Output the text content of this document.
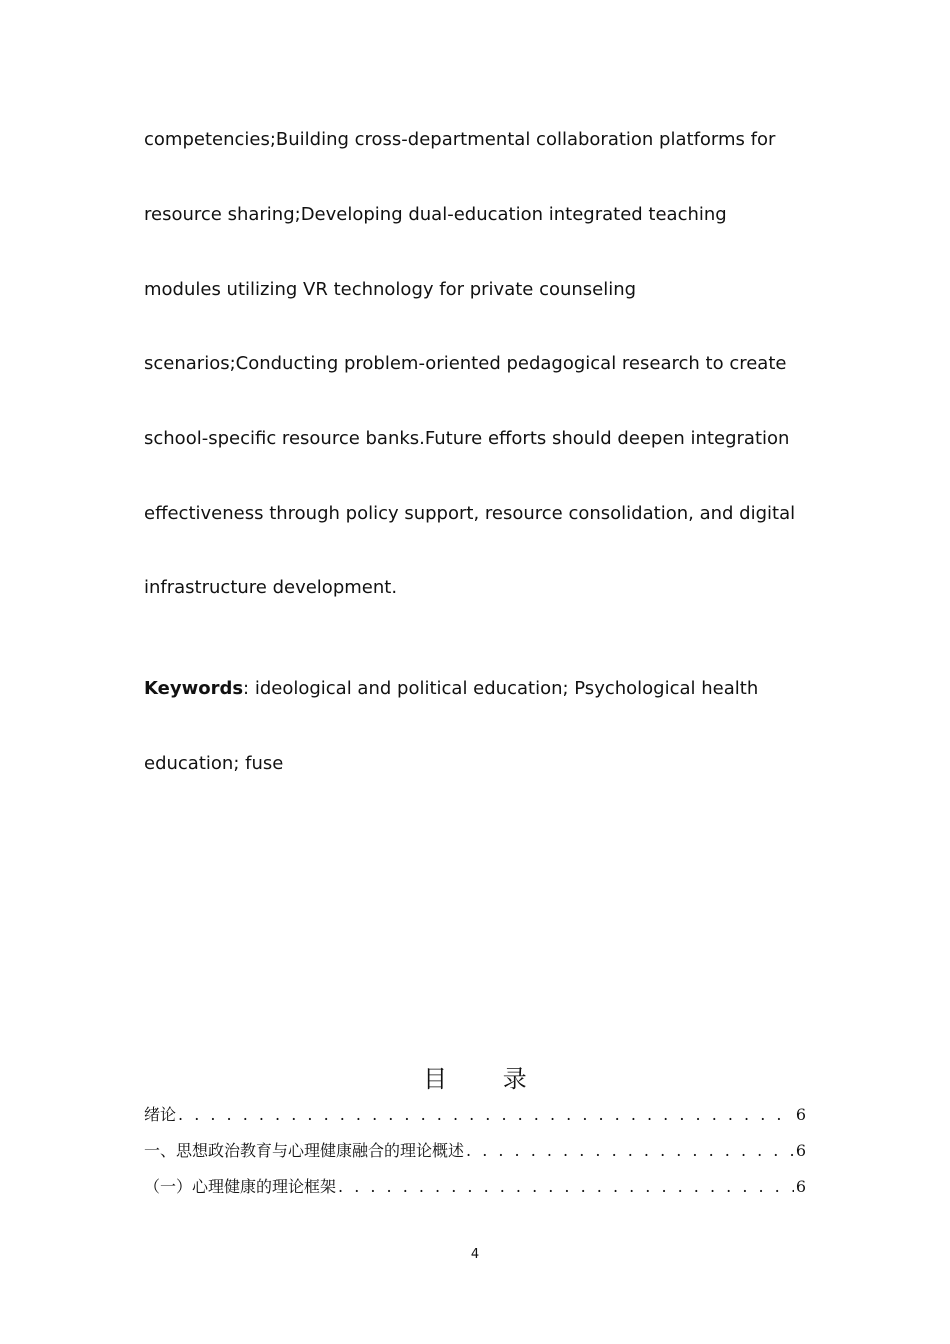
competencies;Building cross-departmental collaboration platforms for
resource sharing;Developing dual-education integrated teaching
modules utilizing VR technology for private counseling
scenarios;Conducting problem-oriented pedagogical research to create
school-specific resource banks.Future efforts should deepen integration
effectiveness through policy support, resource consolidation, and digital
infrastructure development.
Keywords: ideological and political education; Psychological health
education; fuse
目 录
绪论 . . .	6
一、思想政治教育与心理健康融合的理论概述 . . .	6
（一）心理健康的理论框架 . . .	6
4
